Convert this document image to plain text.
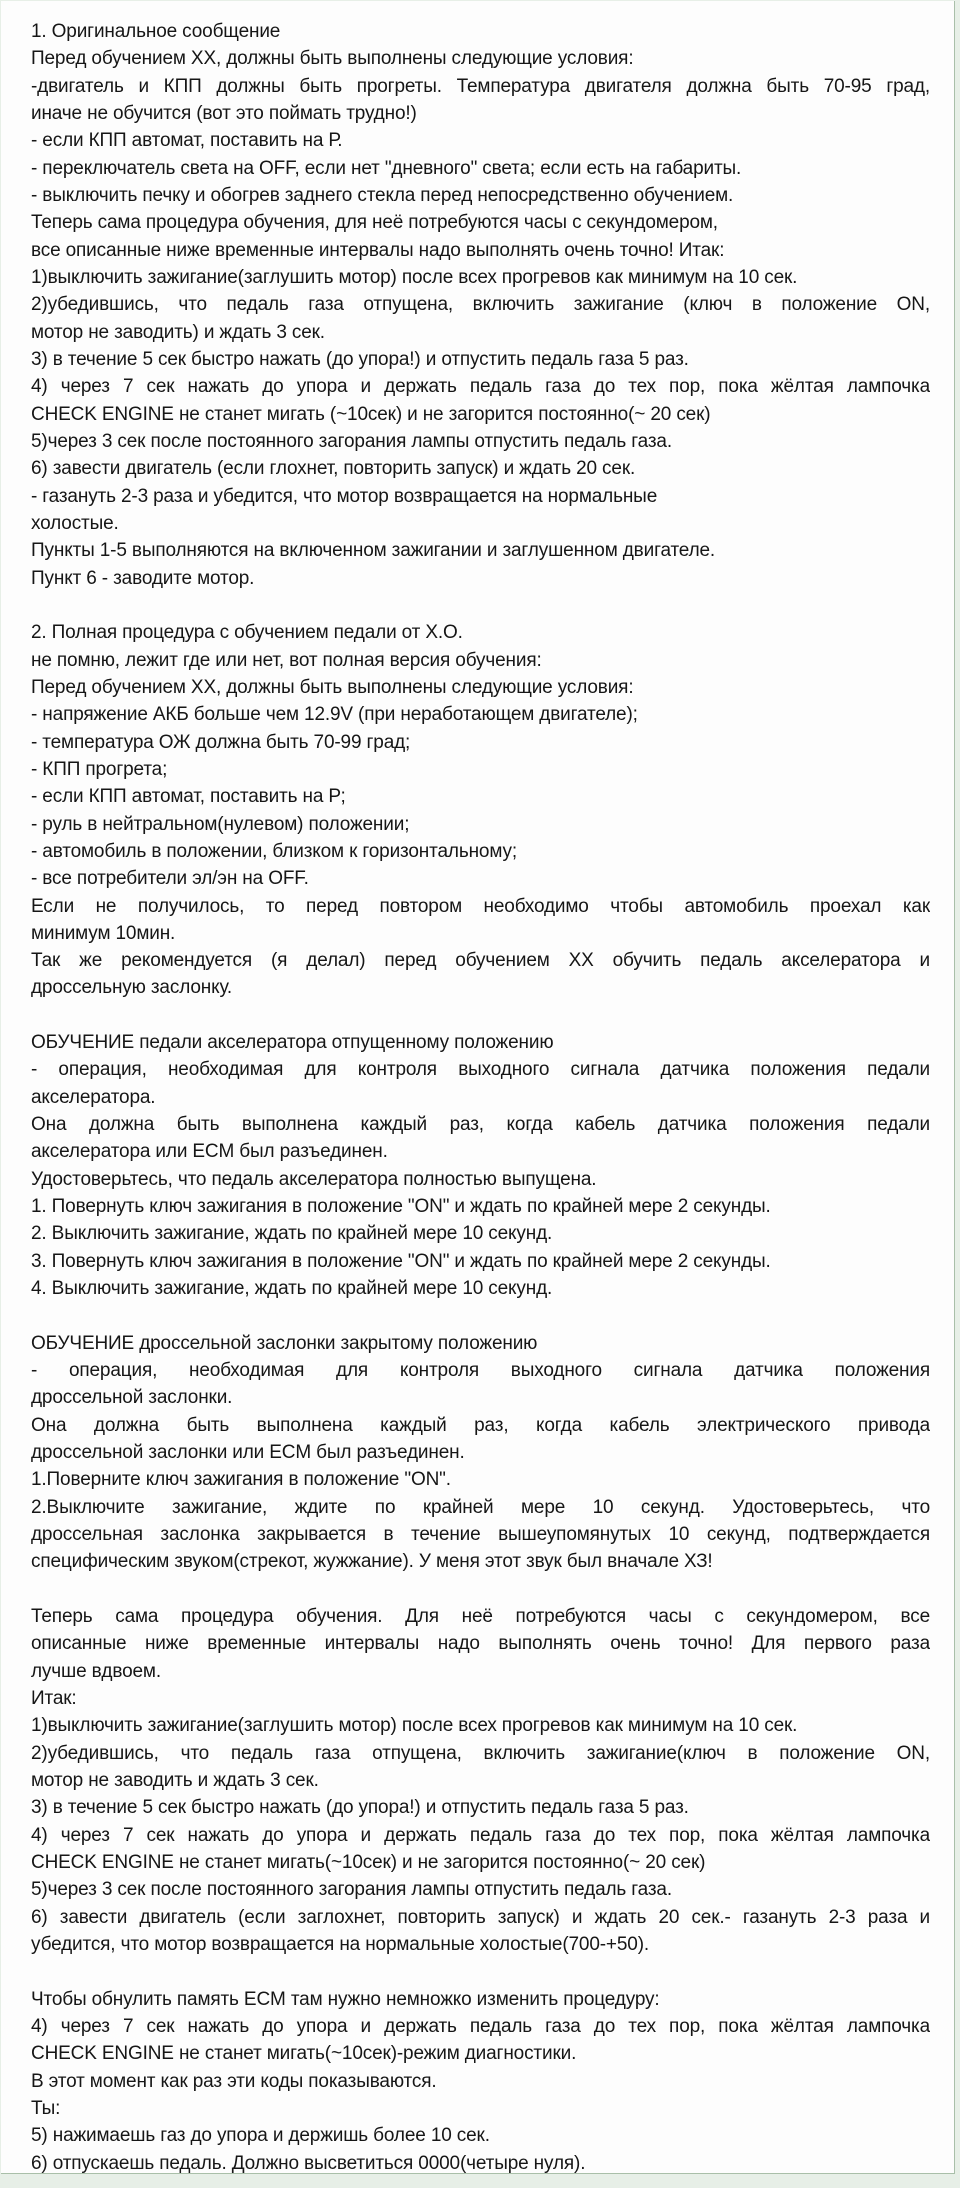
1. Оригинальное сообщение
Перед обучением ХХ, должны быть выполнены следующие условия:
-двигатель и КПП должны быть прогреты. Температура двигателя должна быть 70-95 град,
иначе не обучится (вот это поймать трудно!)
- если КПП автомат, поставить на Р.
- переключатель света на OFF, если нет "дневного" света; если есть на габариты.
- выключить печку и обогрев заднего стекла перед непосредственно обучением.
Теперь сама процедура обучения, для неё потребуются часы с секундомером,
все описанные ниже временные интервалы надо выполнять очень точно! Итак:
1)выключить зажигание(заглушить мотор) после всех прогревов как минимум на 10 сек.
2)убедившись, что педаль газа отпущена, включить зажигание (ключ в положение ON,
мотор не заводить) и ждать 3 сек.
3) в течение 5 сек быстро нажать (до упора!) и отпустить педаль газа 5 раз.
4) через 7 сек нажать до упора и держать педаль газа до тех пор, пока жёлтая лампочка
CHECK ENGINE не станет мигать (~10сек) и не загорится постоянно(~ 20 сек)
5)через 3 сек после постоянного загорания лампы отпустить педаль газа.
6) завести двигатель (если глохнет, повторить запуск) и ждать 20 сек.
- газануть 2-3 раза и убедится, что мотор возвращается на нормальные
холостые.
Пункты 1-5 выполняются на включенном зажигании и заглушенном двигателе.
Пункт 6 - заводите мотор.
2. Полная процедура с обучением педали от Х.О.
не помню, лежит где или нет, вот полная версия обучения:
Перед обучением ХХ, должны быть выполнены следующие условия:
- напряжение АКБ больше чем 12.9V (при неработающем двигателе);
- температура ОЖ должна быть 70-99 град;
- КПП прогрета;
- если КПП автомат, поставить на Р;
- руль в нейтральном(нулевом) положении;
- автомобиль в положении, близком к горизонтальному;
- все потребители эл/эн на OFF.
Если не получилось, то перед повтором необходимо чтобы автомобиль проехал как
минимум 10мин.
Так же рекомендуется (я делал) перед обучением ХХ обучить педаль акселератора и
дроссельную заслонку.
ОБУЧЕНИЕ педали акселератора отпущенному положению
- операция, необходимая для контроля выходного сигнала датчика положения педали
акселератора.
Она должна быть выполнена каждый раз, когда кабель датчика положения педали
акселератора или ECM был разъединен.
Удостоверьтесь, что педаль акселератора полностью выпущена.
1. Повернуть ключ зажигания в положение "ON" и ждать по крайней мере 2 секунды.
2. Выключить зажигание, ждать по крайней мере 10 секунд.
3. Повернуть ключ зажигания в положение "ON" и ждать по крайней мере 2 секунды.
4. Выключить зажигание, ждать по крайней мере 10 секунд.
ОБУЧЕНИЕ дроссельной заслонки закрытому положению
- операция, необходимая для контроля выходного сигнала датчика положения
дроссельной заслонки.
Она должна быть выполнена каждый раз, когда кабель электрического привода
дроссельной заслонки или ECM был разъединен.
1.Поверните ключ зажигания в положение "ON".
2.Выключите зажигание, ждите по крайней мере 10 секунд. Удостоверьтесь, что
дроссельная заслонка закрывается в течение вышеупомянутых 10 секунд, подтверждается
специфическим звуком(стрекот, жужжание). У меня этот звук был вначале ХЗ!
Теперь сама процедура обучения. Для неё потребуются часы с секундомером, все
описанные ниже временные интервалы надо выполнять очень точно! Для первого раза
лучше вдвоем.
Итак:
1)выключить зажигание(заглушить мотор) после всех прогревов как минимум на 10 сек.
2)убедившись, что педаль газа отпущена, включить зажигание(ключ в положение ON,
мотор не заводить и ждать 3 сек.
3) в течение 5 сек быстро нажать (до упора!) и отпустить педаль газа 5 раз.
4) через 7 сек нажать до упора и держать педаль газа до тех пор, пока жёлтая лампочка
CHECK ENGINE не станет мигать(~10сек) и не загорится постоянно(~ 20 сек)
5)через 3 сек после постоянного загорания лампы отпустить педаль газа.
6) завести двигатель (если заглохнет, повторить запуск) и ждать 20 сек.- газануть 2-3 раза и
убедится, что мотор возвращается на нормальные холостые(700-+50).
Чтобы обнулить память ECM там нужно немножко изменить процедуру:
4) через 7 сек нажать до упора и держать педаль газа до тех пор, пока жёлтая лампочка
CHECK ENGINE не станет мигать(~10сек)-режим диагностики.
В этот момент как раз эти коды показываются.
Ты:
5) нажимаешь газ до упора и держишь более 10 сек.
6) отпускаешь педаль. Должно высветиться 0000(четыре нуля).
